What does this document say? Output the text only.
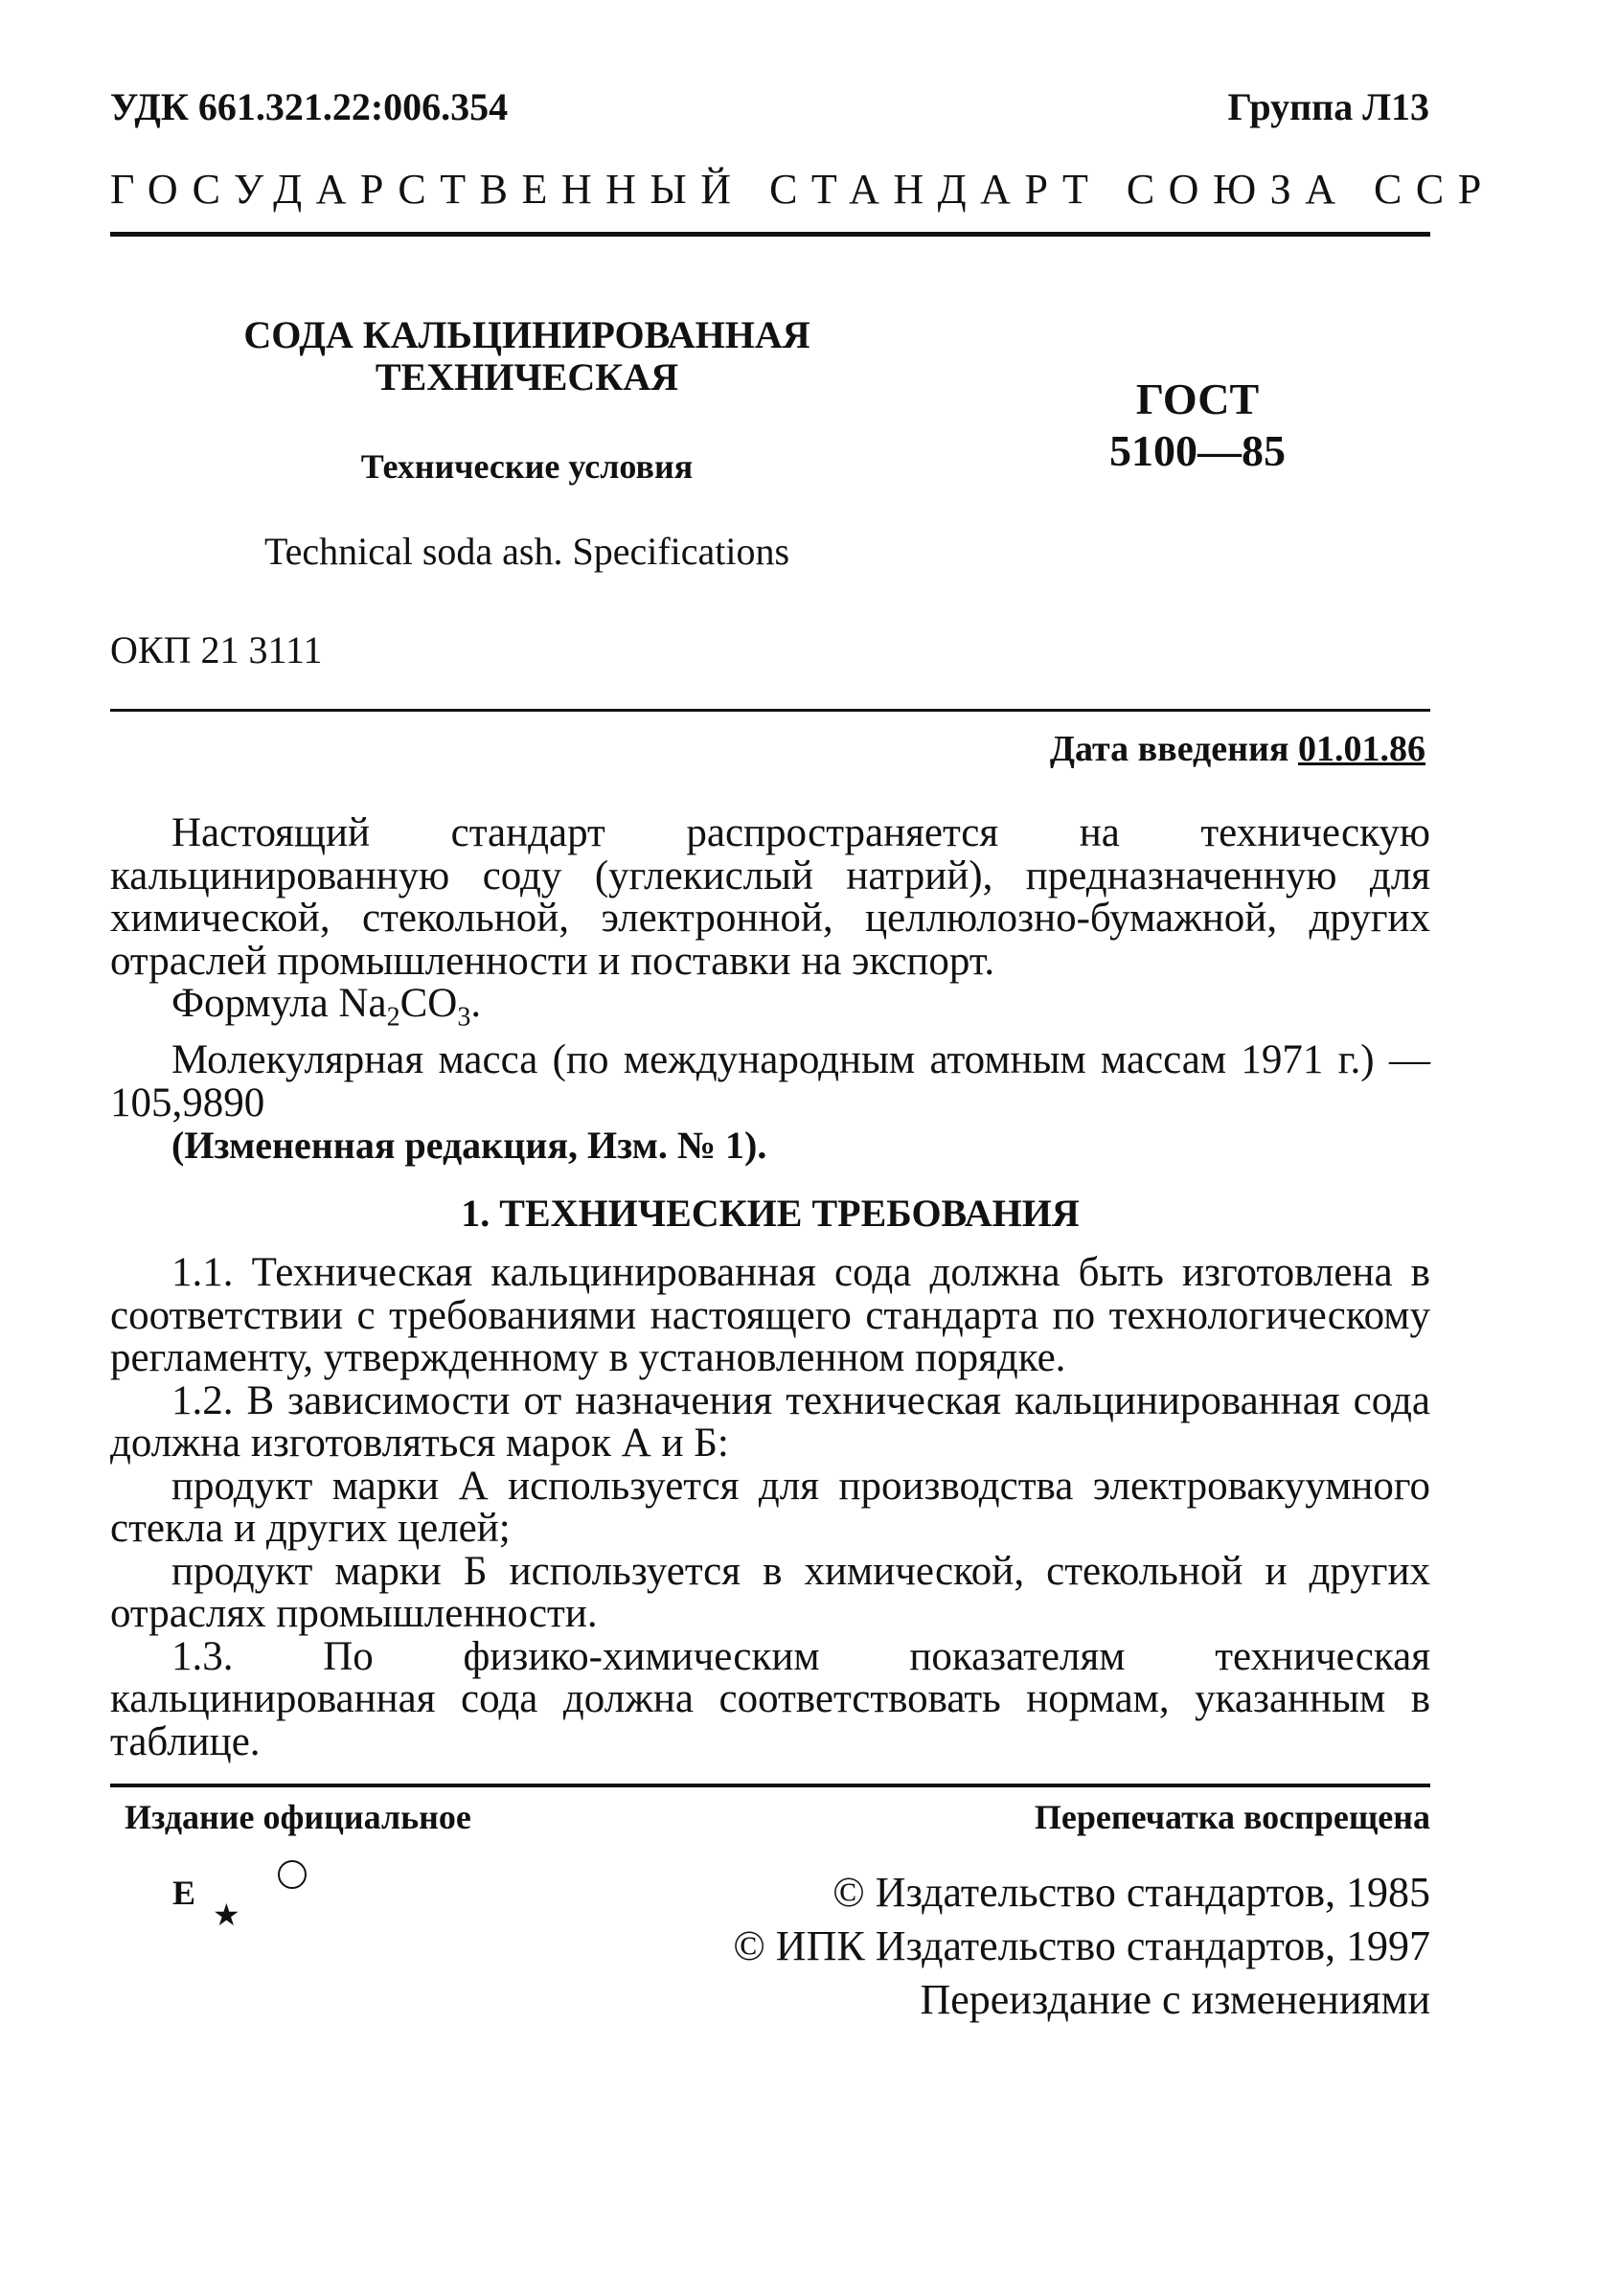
УДК 661.321.22:006.354	Группа Л13
ГОСУДАРСТВЕННЫЙ СТАНДАРТ СОЮЗА ССР
СОДА КАЛЬЦИНИРОВАННАЯ
ТЕХНИЧЕСКАЯ
Технические условия
Technical soda ash. Specifications
ГОСТ
5100—85
ОКП 21 3111
Дата введения 01.01.86

Настоящий стандарт распространяется на техническую кальцинированную соду (углекислый натрий), предназначенную для химической, стекольной, электронной, целлюлозно-бумажной, других отраслей промышленности и поставки на экспорт.

Формула $Na_2CO_3$.

Молекулярная масса (по международным атомным массам 1971 г.) — 105,9890

(Измененная редакция, Изм. № 1).

1. ТЕХНИЧЕСКИЕ ТРЕБОВАНИЯ

1.1. Техническая кальцинированная сода должна быть изготовлена в соответствии с требованиями настоящего стандарта по технологическому регламенту, утвержденному в установленном порядке.

1.2. В зависимости от назначения техническая кальцинированная сода должна изготовляться марок А и Б:

продукт марки А используется для производства электровакуумного стекла и других целей;

продукт марки Б используется в химической, стекольной и других отраслях промышленности.

1.3. По физико-химическим показателям техническая кальцинированная сода должна соответствовать нормам, указанным в таблице.

Издание официальное	Перепечатка воспрещена
Е
★	© Издательство стандартов, 1985
© ИПК Издательство стандартов, 1997
Переиздание с изменениями
